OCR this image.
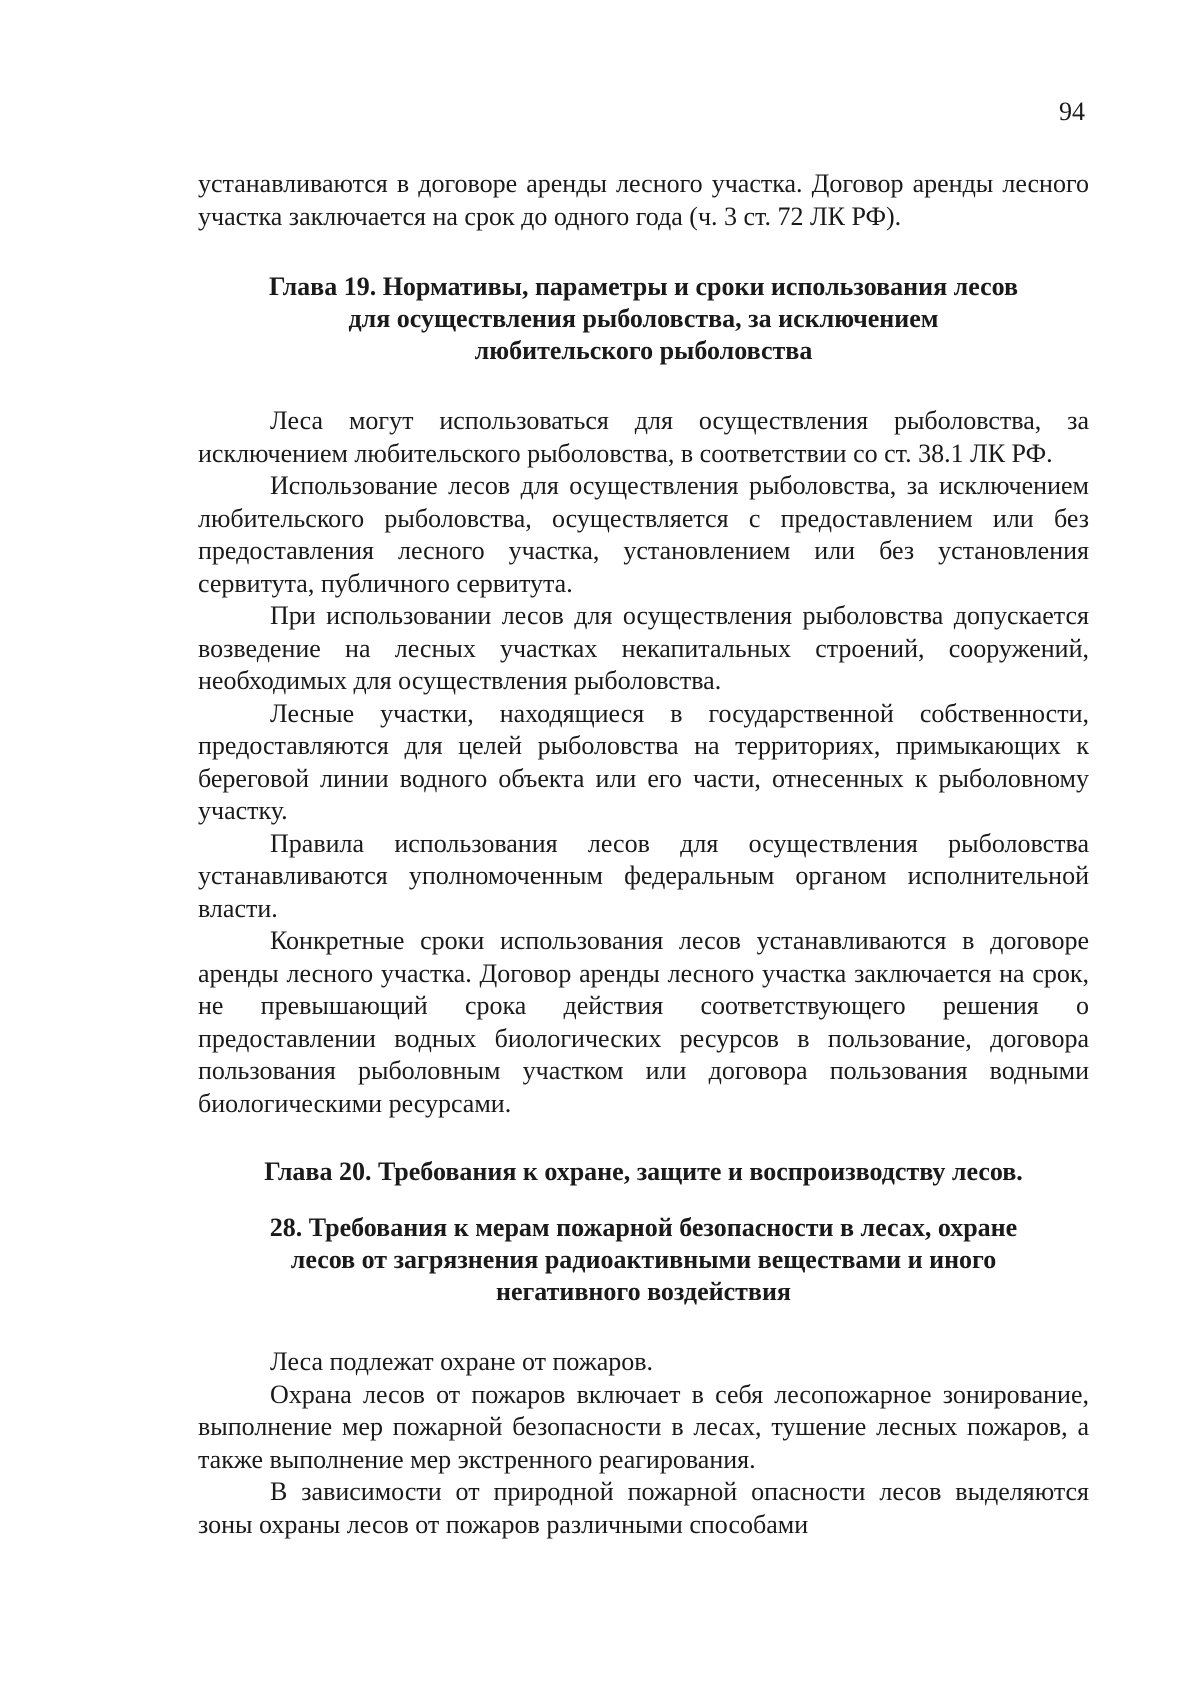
94

устанавливаются в договоре аренды лесного участка. Договор аренды лесного участка заключается на срок до одного года (ч. 3 ст. 72 ЛК РФ).

Глава 19. Нормативы, параметры и сроки использования лесов для осуществления рыболовства, за исключением любительского рыболовства

Леса могут использоваться для осуществления рыболовства, за исключением любительского рыболовства, в соответствии со ст. 38.1 ЛК РФ.

Использование лесов для осуществления рыболовства, за исключением любительского рыболовства, осуществляется с предоставлением или без предоставления лесного участка, установлением или без установления сервитута, публичного сервитута.

При использовании лесов для осуществления рыболовства допускается возведение на лесных участках некапитальных строений, сооружений, необходимых для осуществления рыболовства.

Лесные участки, находящиеся в государственной собственности, предоставляются для целей рыболовства на территориях, примыкающих к береговой линии водного объекта или его части, отнесенных к рыболовному участку.

Правила использования лесов для осуществления рыболовства устанавливаются уполномоченным федеральным органом исполнительной власти.

Конкретные сроки использования лесов устанавливаются в договоре аренды лесного участка. Договор аренды лесного участка заключается на срок, не превышающий срока действия соответствующего решения о предоставлении водных биологических ресурсов в пользование, договора пользования рыболовным участком или договора пользования водными биологическими ресурсами.

Глава 20. Требования к охране, защите и воспроизводству лесов.
28. Требования к мерам пожарной безопасности в лесах, охране лесов от загрязнения радиоактивными веществами и иного негативного воздействия

Леса подлежат охране от пожаров.

Охрана лесов от пожаров включает в себя лесопожарное зонирование, выполнение мер пожарной безопасности в лесах, тушение лесных пожаров, а также выполнение мер экстренного реагирования.

В зависимости от природной пожарной опасности лесов выделяются зоны охраны лесов от пожаров различными способами
